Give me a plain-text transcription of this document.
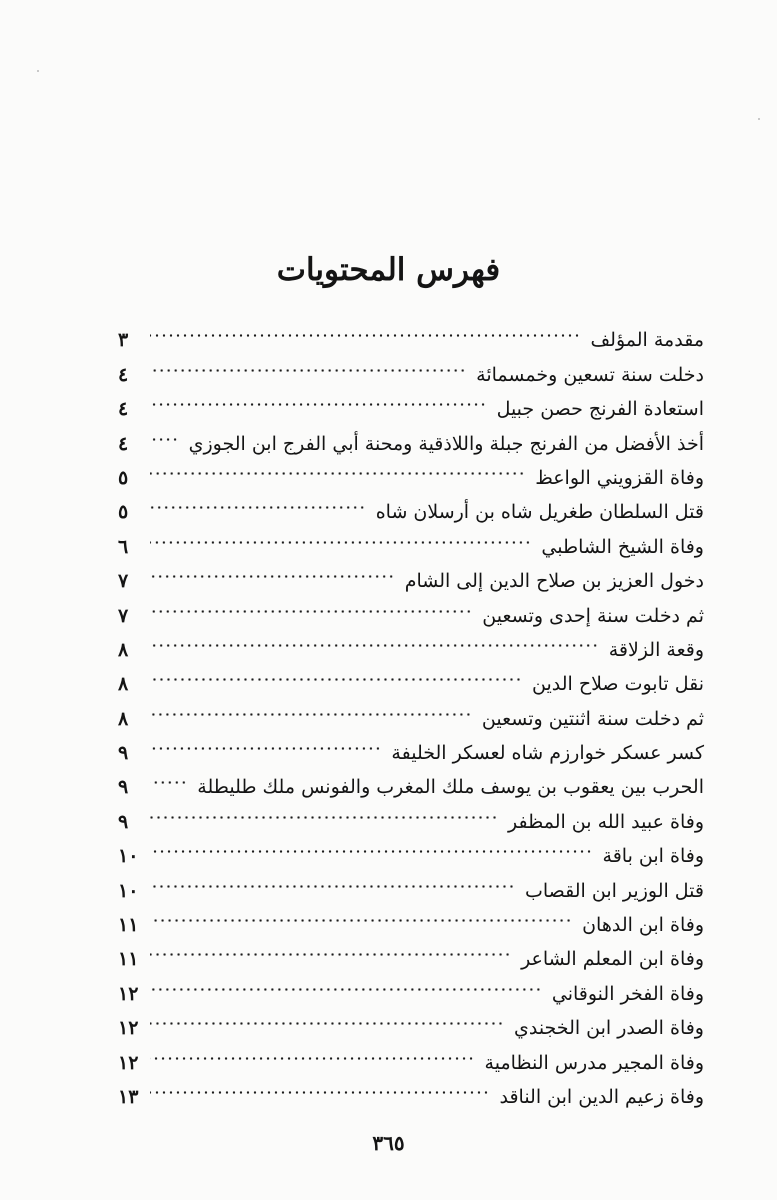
فهرس المحتويات
مقدمة المؤلف
٣
دخلت سنة تسعين وخمسمائة
٤
استعادة الفرنج حصن جبيل
٤
أخذ الأفضل من الفرنج جبلة واللاذقية ومحنة أبي الفرج ابن الجوزي
٤
وفاة القزويني الواعظ
٥
قتل السلطان طغريل شاه بن أرسلان شاه
٥
وفاة الشيخ الشاطبي
٦
دخول العزيز بن صلاح الدين إلى الشام
٧
ثم دخلت سنة إحدى وتسعين
٧
وقعة الزلاقة
٨
نقل تابوت صلاح الدين
٨
ثم دخلت سنة اثنتين وتسعين
٨
كسر عسكر خوارزم شاه لعسكر الخليفة
٩
الحرب بين يعقوب بن يوسف ملك المغرب والفونس ملك طليطلة
٩
وفاة عبيد الله بن المظفر
٩
وفاة ابن باقة
١٠
قتل الوزير ابن القصاب
١٠
وفاة ابن الدهان
١١
وفاة ابن المعلم الشاعر
١١
وفاة الفخر النوقاني
١٢
وفاة الصدر ابن الخجندي
١٢
وفاة المجير مدرس النظامية
١٢
وفاة زعيم الدين ابن الناقد
١٣
٣٦٥
